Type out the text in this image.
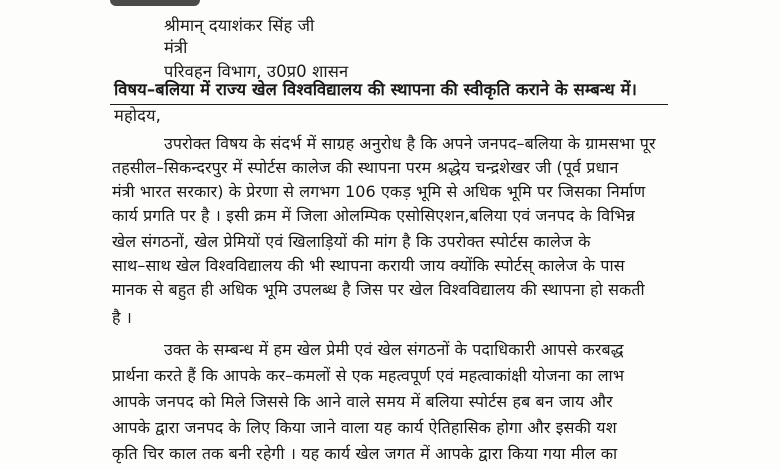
श्रीमान् दयाशंकर सिंह जी
मंत्री
परिवहन विभाग, उ0प्र0 शासन
विषय–बलिया में राज्य खेल विश्वविद्यालय की स्थापना की स्वीकृति कराने के सम्बन्ध में।
महोदय,
उपरोक्त विषय के संदर्भ में साग्रह अनुरोध है कि अपने जनपद–बलिया के ग्रामसभा पूर
तहसील–सिकन्दरपुर में स्पोर्टस कालेज की स्थापना परम श्रद्धेय चन्द्रशेखर जी (पूर्व प्रधान
मंत्री भारत सरकार) के प्रेरणा से लगभग 106 एकड़ भूमि से अधिक भूमि पर जिसका निर्माण
कार्य प्रगति पर है । इसी क्रम में जिला ओलम्पिक एसोसिएशन,बलिया एवं जनपद के विभिन्न
खेल संगठनों, खेल प्रेमियों एवं खिलाड़ियों की मांग है कि उपरोक्त स्पोर्टस कालेज के
साथ–साथ खेल विश्वविद्यालय की भी स्थापना करायी जाय क्योंकि स्पोर्टस् कालेज के पास
मानक से बहुत ही अधिक भूमि उपलब्ध है जिस पर खेल विश्वविद्यालय की स्थापना हो सकती
है ।
उक्त के सम्बन्ध में हम खेल प्रेमी एवं खेल संगठनों के पदाधिकारी आपसे करबद्ध
प्रार्थना करते हैं कि आपके कर–कमलों से एक महत्वपूर्ण एवं महत्वाकांक्षी योजना का लाभ
आपके जनपद को मिले जिससे कि आने वाले समय में बलिया स्पोर्टस हब बन जाय और
आपके द्वारा जनपद के लिए किया जाने वाला यह कार्य ऐतिहासिक होगा और इसकी यश
कृति चिर काल तक बनी रहेगी । यह कार्य खेल जगत में आपके द्वारा किया गया मील का
